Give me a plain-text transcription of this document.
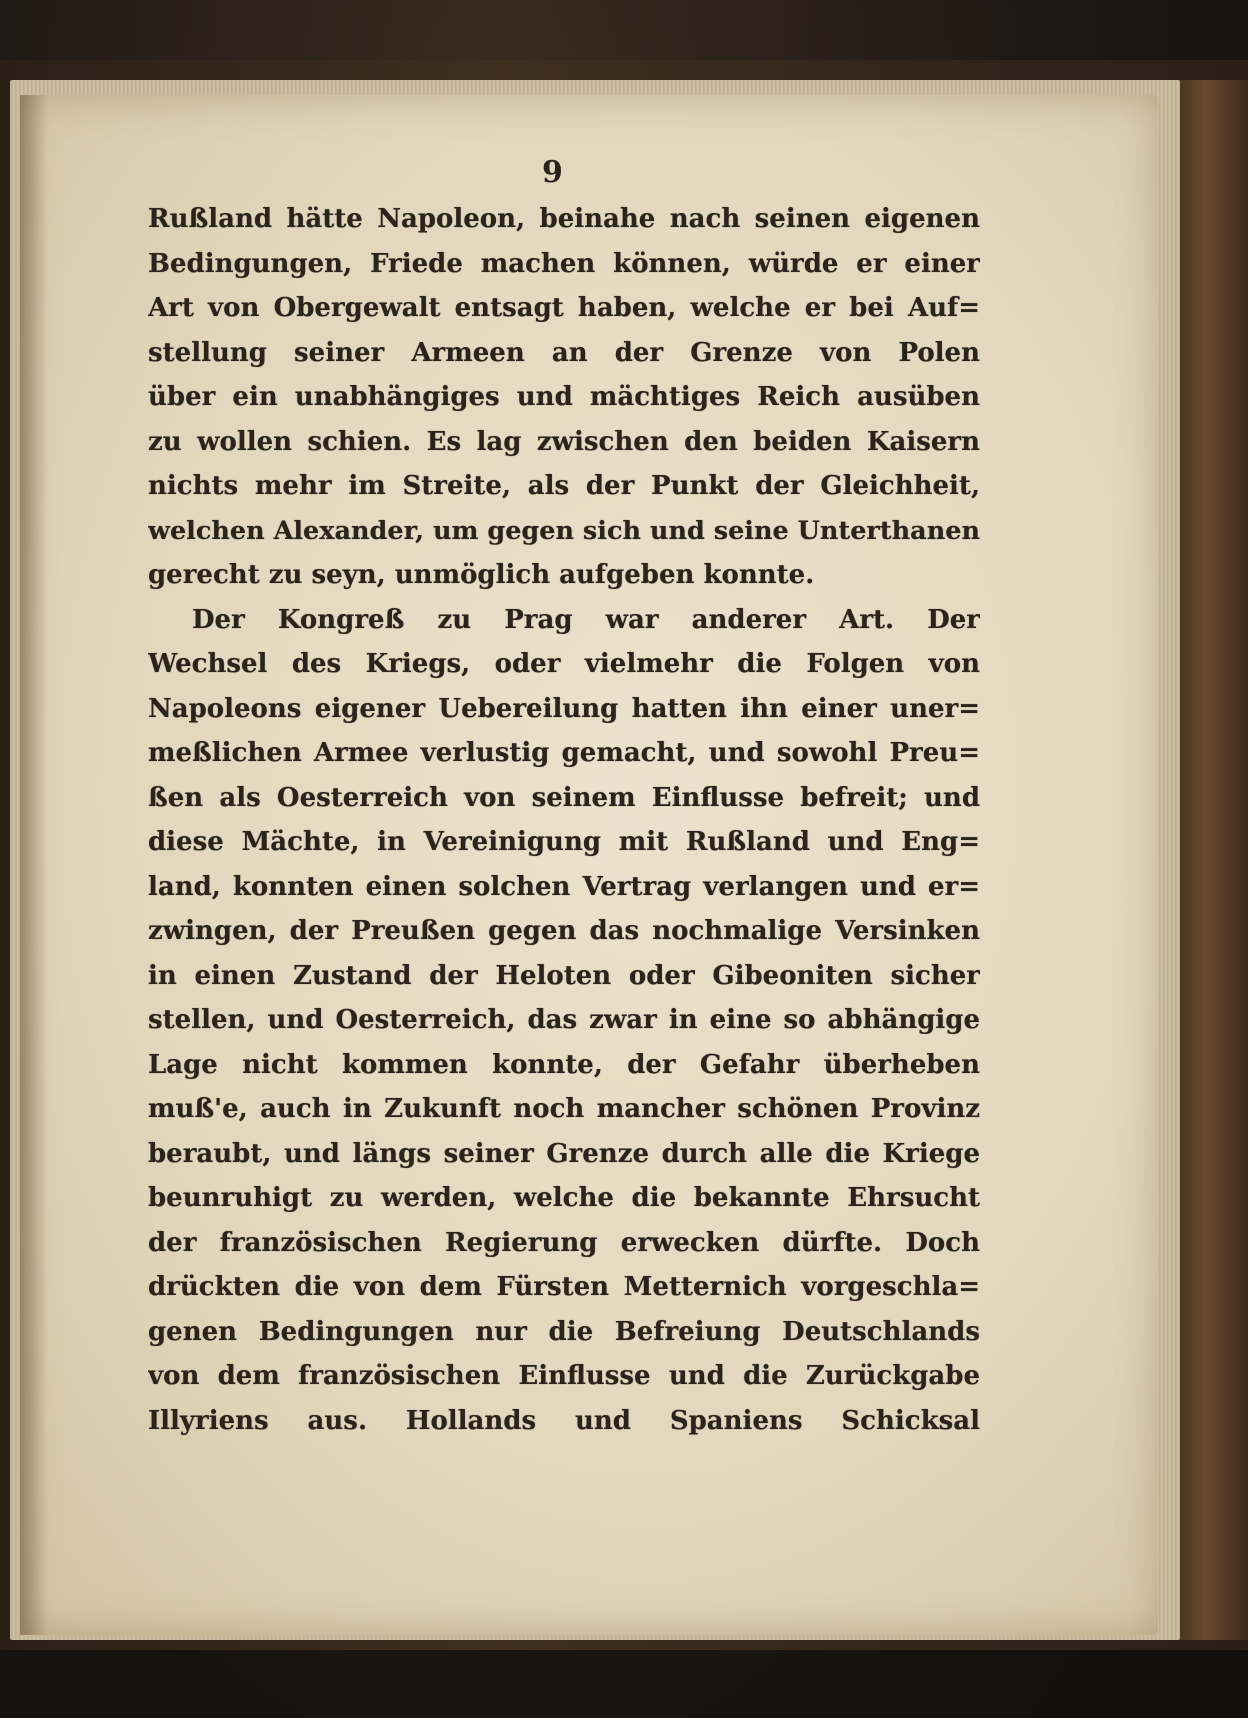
9
Rußland hätte Napoleon, beinahe nach seinen eigenen
Bedingungen, Friede machen können, würde er einer
Art von Obergewalt entsagt haben, welche er bei Auf=
stellung seiner Armeen an der Grenze von Polen
über ein unabhängiges und mächtiges Reich ausüben
zu wollen schien. Es lag zwischen den beiden Kaisern
nichts mehr im Streite, als der Punkt der Gleichheit,
welchen Alexander, um gegen sich und seine Unterthanen
gerecht zu seyn, unmöglich aufgeben konnte.
Der Kongreß zu Prag war anderer Art. Der
Wechsel des Kriegs, oder vielmehr die Folgen von
Napoleons eigener Uebereilung hatten ihn einer uner=
meßlichen Armee verlustig gemacht, und sowohl Preu=
ßen als Oesterreich von seinem Einflusse befreit; und
diese Mächte, in Vereinigung mit Rußland und Eng=
land, konnten einen solchen Vertrag verlangen und er=
zwingen, der Preußen gegen das nochmalige Versinken
in einen Zustand der Heloten oder Gibeoniten sicher
stellen, und Oesterreich, das zwar in eine so abhängige
Lage nicht kommen konnte, der Gefahr überheben
muß'e, auch in Zukunft noch mancher schönen Provinz
beraubt, und längs seiner Grenze durch alle die Kriege
beunruhigt zu werden, welche die bekannte Ehrsucht
der französischen Regierung erwecken dürfte. Doch
drückten die von dem Fürsten Metternich vorgeschla=
genen Bedingungen nur die Befreiung Deutschlands
von dem französischen Einflusse und die Zurückgabe
Illyriens aus. Hollands und Spaniens Schicksal
